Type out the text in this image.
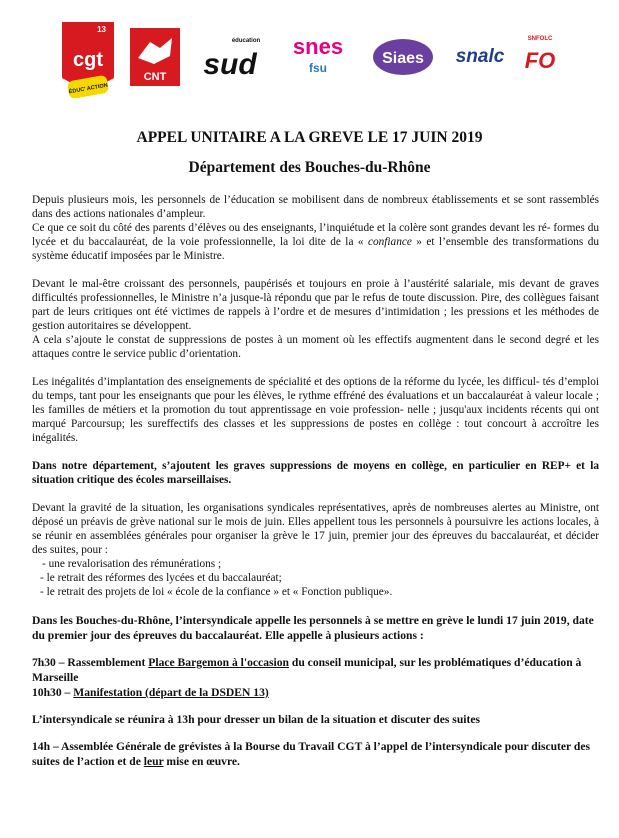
13
cgt
ÉDUC' ACTION
CNT
éducation
sud
snes
fsu
Siaes snalc
SNFOLC
FO
APPEL UNITAIRE A LA GREVE LE 17 JUIN 2019
Département des Bouches-du-Rhône

Depuis plusieurs mois, les personnels de l’éducation se mobilisent dans de nombreux établissements et se sont rassemblés dans des actions nationales d’ampleur.

Ce que ce soit du côté des parents d’élèves ou des enseignants, l’inquiétude et la colère sont grandes devant les ré- formes du lycée et du baccalauréat, de la voie professionnelle, la loi dite de la « confiance » et l’ensemble des transformations du système éducatif imposées par le Ministre.

Devant le mal-être croissant des personnels, paupérisés et toujours en proie à l’austérité salariale, mis devant de graves difficultés professionnelles, le Ministre n’a jusque-là répondu que par le refus de toute discussion. Pire, des collègues faisant part de leurs critiques ont été victimes de rappels à l’ordre et de mesures d’intimidation ; les pressions et les méthodes de gestion autoritaires se développent.

A cela s’ajoute le constat de suppressions de postes à un moment où les effectifs augmentent dans le second degré et les attaques contre le service public d’orientation.

Les inégalités d’implantation des enseignements de spécialité et des options de la réforme du lycée, les difficul- tés d’emploi du temps, tant pour les enseignants que pour les élèves, le rythme effréné des évaluations et un baccalauréat à valeur locale ; les familles de métiers et la promotion du tout apprentissage en voie profession- nelle ; jusqu'aux incidents récents qui ont marqué Parcoursup; les sureffectifs des classes et les suppressions de postes en collège : tout concourt à accroître les inégalités.

Dans notre département, s’ajoutent les graves suppressions de moyens en collège, en particulier en REP+ et la situation critique des écoles marseillaises.

Devant la gravité de la situation, les organisations syndicales représentatives, après de nombreuses alertes au Ministre, ont déposé un préavis de grève national sur le mois de juin. Elles appellent tous les personnels à poursuivre les actions locales, à se réunir en assemblées générales pour organiser la grève le 17 juin, premier jour des épreuves du baccalauréat, et décider des suites, pour :

- une revalorisation des rémunérations ;
- le retrait des réformes des lycées et du baccalauréat;
- le retrait des projets de loi « école de la confiance » et « Fonction publique».

Dans les Bouches-du-Rhône, l’intersyndicale appelle les personnels à se mettre en grève le lundi 17 juin 2019, date du premier jour des épreuves du baccalauréat. Elle appelle à plusieurs actions :

7h30 – Rassemblement Place Bargemon à l'occasion du conseil municipal, sur les problématiques d’éducation à Marseille

10h30 – Manifestation (départ de la DSDEN 13)

L’intersyndicale se réunira à 13h pour dresser un bilan de la situation et discuter des suites

14h – Assemblée Générale de grévistes à la Bourse du Travail CGT à l’appel de l’intersyndicale pour discuter des suites de l’action et de leur mise en œuvre.
